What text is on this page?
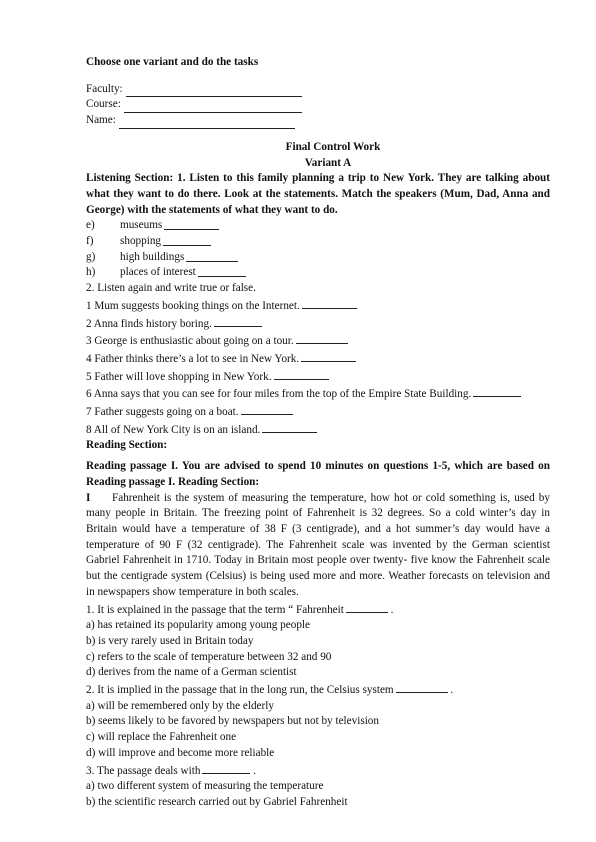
Choose one variant and do the tasks

Faculty:
Course:
Name:

Final Control Work

Variant A

Listening Section: 1. Listen to this family planning a trip to New York. They are talking about what they want to do there. Look at the statements. Match the speakers (Mum, Dad, Anna and George) with the statements of what they want to do.

e)	museums
f)	shopping
g)	high buildings
h)	places of interest

2. Listen again and write true or false.

1 Mum suggests booking things on the Internet.
2 Anna finds history boring.
3 George is enthusiastic about going on a tour.
4 Father thinks there’s a lot to see in New York.
5 Father will love shopping in New York.
6 Anna says that you can see for four miles from the top of the Empire State Building.
7 Father suggests going on a boat.
8 All of New York City is on an island.

Reading Section:

Reading passage I. You are advised to spend 10 minutes on questions 1-5, which are based on Reading passage I. Reading Section:

I Fahrenheit is the system of measuring the temperature, how hot or cold something is, used by many people in Britain. The freezing point of Fahrenheit is 32 degrees. So a cold winter’s day in Britain would have a temperature of 38 F (3 centigrade), and a hot summer’s day would have a temperature of 90 F (32 centigrade). The Fahrenheit scale was invented by the German scientist Gabriel Fahrenheit in 1710. Today in Britain most people over twenty- five know the Fahrenheit scale but the centigrade system (Celsius) is being used more and more. Weather forecasts on television and in newspapers show temperature in both scales.

1. It is explained in the passage that the term “ Fahrenheit	.
a) has retained its popularity among young people
b) is very rarely used in Britain today
c) refers to the scale of temperature between 32 and 90
d) derives from the name of a German scientist
2. It is implied in the passage that in the long run, the Celsius system	.
a) will be remembered only by the elderly
b) seems likely to be favored by newspapers but not by television
c) will replace the Fahrenheit one
d) will improve and become more reliable
3. The passage deals with	.
a) two different system of measuring the temperature
b) the scientific research carried out by Gabriel Fahrenheit
